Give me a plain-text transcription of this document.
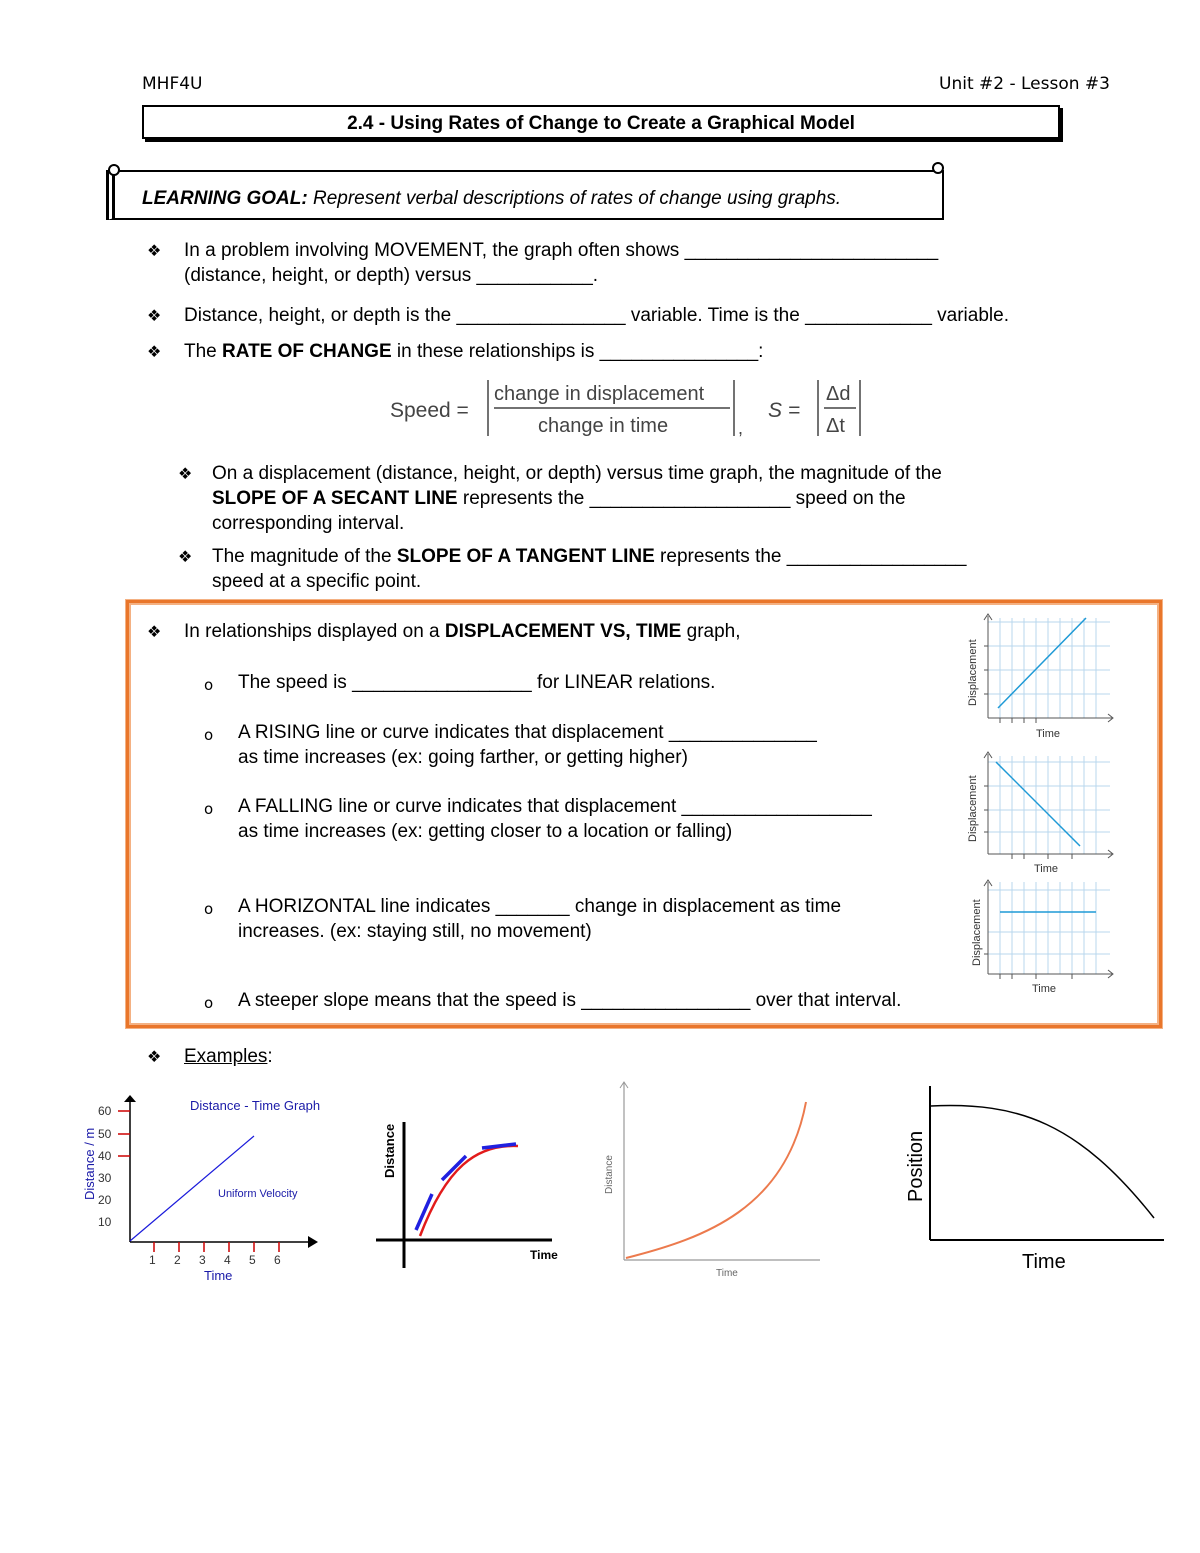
MHF4U	Unit #2 - Lesson #3
2.4 - Using Rates of Change to Create a Graphical Model
LEARNING GOAL: Represent verbal descriptions of rates of change using graphs.
❖ In a problem involving MOVEMENT, the graph often shows ________________________
(distance, height, or depth) versus ___________.
❖ Distance, height, or depth is the ________________ variable. Time is the ____________ variable.
❖ The RATE OF CHANGE in these relationships is _______________:
Speed =
change in displacement
change in time	,
S =
Δd
Δt
❖ On a displacement (distance, height, or depth) versus time graph, the magnitude of the
SLOPE OF A SECANT LINE represents the ___________________ speed on the
corresponding interval.
❖ The magnitude of the SLOPE OF A TANGENT LINE represents the _________________
speed at a specific point.
❖ In relationships displayed on a DISPLACEMENT VS, TIME graph,
o The speed is _________________ for LINEAR relations.
o A RISING line or curve indicates that displacement ______________
as time increases (ex: going farther, or getting higher)
o A FALLING line or curve indicates that displacement __________________
as time increases (ex: getting closer to a location or falling)
o A HORIZONTAL line indicates _______ change in displacement as time
increases. (ex: staying still, no movement)
o A steeper slope means that the speed is ________________ over that interval.
Displacement
Time
Displacement
Time
Displacement
Time
❖ Examples:
60
50
40
30
20
10
1 2 3 4 5 6
Distance - Time Graph
Uniform Velocity
Time
Distance / m	Distance
Time
Distance
Time
Position
Time
